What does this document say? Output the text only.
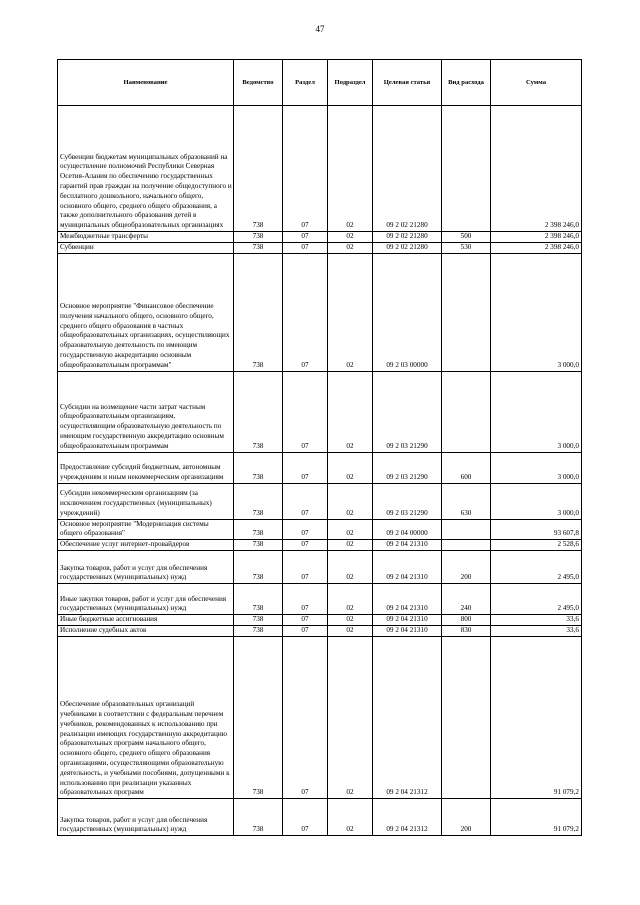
47
Наименование	Ведомство	Раздел	Подраздел	Целевая статья	Вид расхода	Сумма
Субвенции бюджетам муниципальных образований на осуществление полномочий Республики Северная Осетия-Алания по обеспечению государственных гарантий прав граждан на получение общедоступного и бесплатного дошкольного, начального общего, основного общего, среднего общего образования, а также дополнительного образования детей в муниципальных общеобразовательных организациях	738	07	02	09 2 02 21280		2 398 246,0
Межбюджетные трансферты	738	07	02	09 2 02 21280	500	2 398 246,0
Субвенции	738	07	02	09 2 02 21280	530	2 398 246,0
Основное мероприятие "Финансовое обеспечение получения начального общего, основного общего, среднего общего образования в частных общеобразовательных организациях, осуществляющих образовательную деятельность по имеющим государственную аккредитацию основным общеобразовательным программам"	738	07	02	09 2 03 00000		3 000,0
Субсидии на возмещение части затрат частным общеобразовательным организациям, осуществляющим образовательную деятельность по имеющим государственную аккредитацию основным общеобразовательным программам	738	07	02	09 2 03 21290		3 000,0
Предоставление субсидий бюджетным, автономным учреждениям и иным некоммерческим организациям	738	07	02	09 2 03 21290	600	3 000,0
Субсидии некоммерческим организациям (за исключением государственных (муниципальных) учреждений)	738	07	02	09 2 03 21290	630	3 000,0
Основное мероприятие "Модернизация системы общего образования"	738	07	02	09 2 04 00000		93 607,8
Обеспечение услуг интернет-провайдеров	738	07	02	09 2 04 21310		2 528,6
Закупка товаров, работ и услуг для обеспечения государственных (муниципальных) нужд	738	07	02	09 2 04 21310	200	2 495,0
Иные закупки товаров, работ и услуг для обеспечения государственных (муниципальных) нужд	738	07	02	09 2 04 21310	240	2 495,0
Иные бюджетные ассигнования	738	07	02	09 2 04 21310	800	33,6
Исполнение судебных актов	738	07	02	09 2 04 21310	830	33,6
Обеспечение образовательных организаций учебниками в соответствии с федеральным перечнем учебников, рекомендованных к использованию при реализации имеющих государственную аккредитацию образовательных программ начального общего, основного общего, среднего общего образования организациями, осуществляющими образовательную деятельность, и учебными пособиями, допущенными к использованию при реализации указанных образовательных программ	738	07	02	09 2 04 21312		91 079,2
Закупка товаров, работ и услуг для обеспечения государственных (муниципальных) нужд	738	07	02	09 2 04 21312	200	91 079,2
